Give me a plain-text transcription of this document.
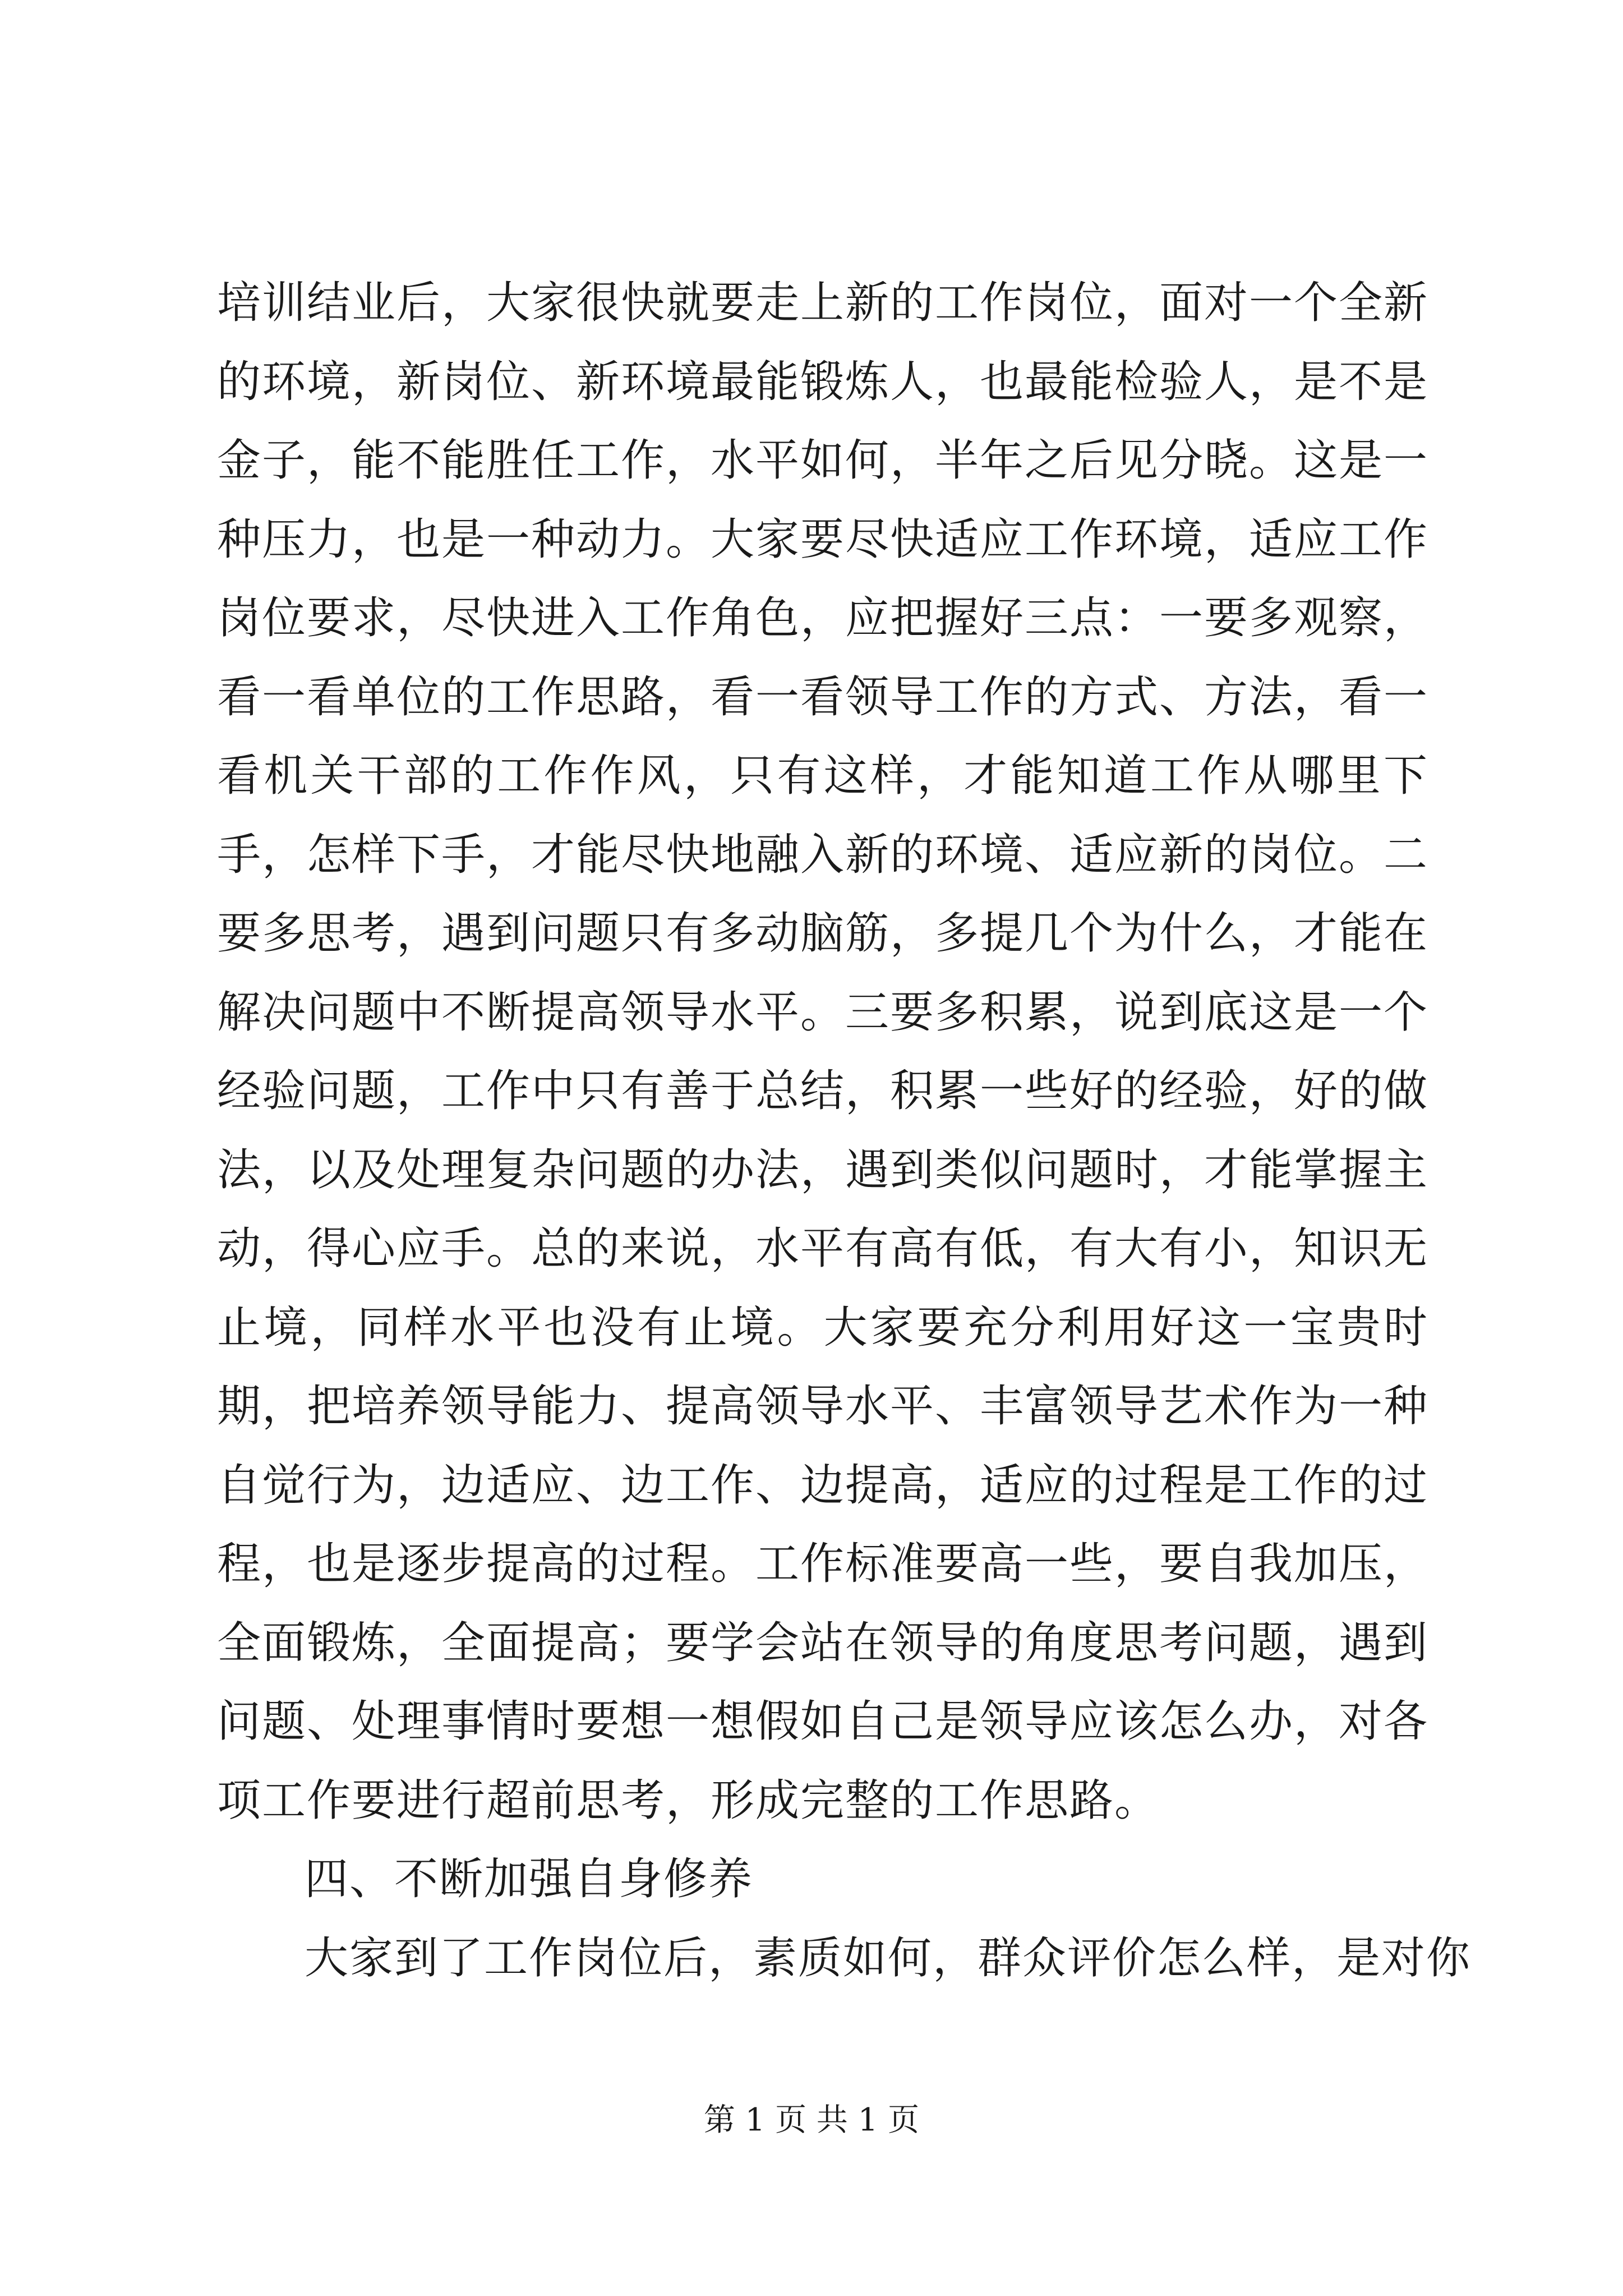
培训结业后，大家很快就要走上新的工作岗位，面对一个全新的环境，新岗位、新环境最能锻炼人，也最能检验人，是不是金子，能不能胜任工作，水平如何，半年之后见分晓。这是一种压力，也是一种动力。大家要尽快适应工作环境，适应工作岗位要求，尽快进入工作角色，应把握好三点：一要多观察，看一看单位的工作思路，看一看领导工作的方式、方法，看一看机关干部的工作作风，只有这样，才能知道工作从哪里下手，怎样下手，才能尽快地融入新的环境、适应新的岗位。二要多思考，遇到问题只有多动脑筋，多提几个为什么，才能在解决问题中不断提高领导水平。三要多积累，说到底这是一个经验问题，工作中只有善于总结，积累一些好的经验，好的做法，以及处理复杂问题的办法，遇到类似问题时，才能掌握主动，得心应手。总的来说，水平有高有低，有大有小，知识无止境，同样水平也没有止境。大家要充分利用好这一宝贵时期，把培养领导能力、提高领导水平、丰富领导艺术作为一种自觉行为，边适应、边工作、边提高，适应的过程是工作的过程，也是逐步提高的过程。工作标准要高一些，要自我加压，全面锻炼，全面提高；要学会站在领导的角度思考问题，遇到问题、处理事情时要想一想假如自己是领导应该怎么办，对各项工作要进行超前思考，形成完整的工作思路。

四、不断加强自身修养

大家到了工作岗位后，素质如何，群众评价怎么样，是对你

第 1 页 共 1 页
